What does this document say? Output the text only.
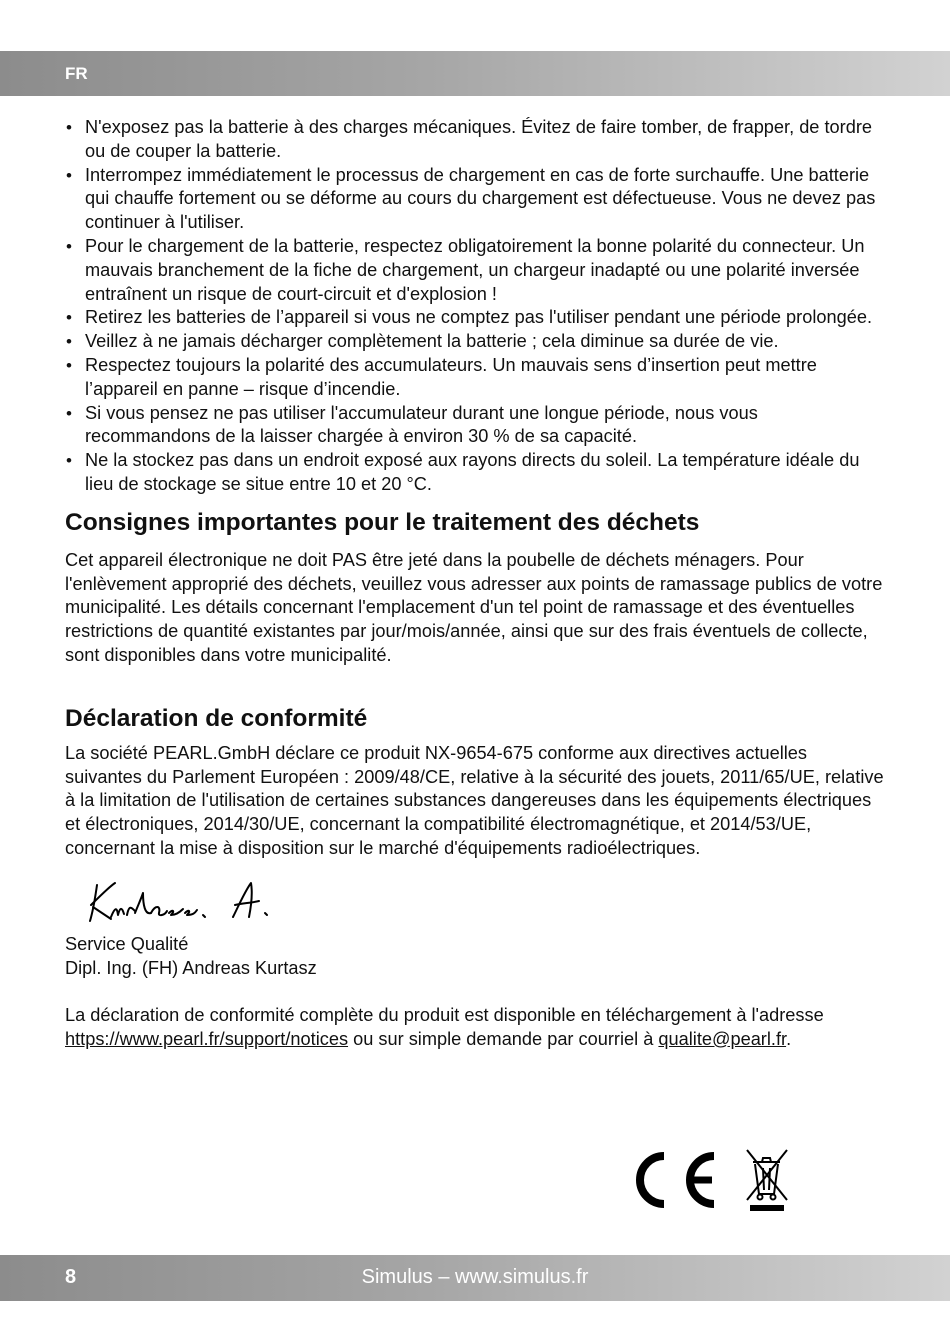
FR
• N'exposez pas la batterie à des charges mécaniques. Évitez de faire tomber, de frapper, de tordre ou de couper la batterie.
• Interrompez immédiatement le processus de chargement en cas de forte surchauffe. Une batterie qui chauffe fortement ou se déforme au cours du chargement est défectueuse. Vous ne devez pas continuer à l'utiliser.
• Pour le chargement de la batterie, respectez obligatoirement la bonne polarité du connecteur. Un mauvais branchement de la fiche de chargement, un chargeur inadapté ou une polarité inversée entraînent un risque de court-circuit et d'explosion !
• Retirez les batteries de l’appareil si vous ne comptez pas l'utiliser pendant une période prolongée.
• Veillez à ne jamais décharger complètement la batterie ; cela diminue sa durée de vie.
• Respectez toujours la polarité des accumulateurs. Un mauvais sens d’insertion peut mettre l’appareil en panne – risque d’incendie.
• Si vous pensez ne pas utiliser l'accumulateur durant une longue période, nous vous recommandons de la laisser chargée à environ 30 % de sa capacité.
• Ne la stockez pas dans un endroit exposé aux rayons directs du soleil. La température idéale du lieu de stockage se situe entre 10 et 20 °C.
Consignes importantes pour le traitement des déchets

Cet appareil électronique ne doit PAS être jeté dans la poubelle de déchets ménagers. Pour l'enlèvement approprié des déchets, veuillez vous adresser aux points de ramassage publics de votre municipalité. Les détails concernant l'emplacement d'un tel point de ramassage et des éventuelles restrictions de quantité existantes par jour/mois/année, ainsi que sur des frais éventuels de collecte, sont disponibles dans votre municipalité.

Déclaration de conformité

La société PEARL.GmbH déclare ce produit NX-9654-675 conforme aux directives actuelles suivantes du Parlement Européen : 2009/48/CE, relative à la sécurité des jouets, 2011/65/UE, relative à la limitation de l'utilisation de certaines substances dangereuses dans les équipements électriques et électroniques, 2014/30/UE, concernant la compatibilité électromagnétique, et 2014/53/UE, concernant la mise à disposition sur le marché d'équipements radioélectriques.

Service Qualité

Dipl. Ing. (FH) Andreas Kurtasz

La déclaration de conformité complète du produit est disponible en téléchargement à l'adresse https://www.pearl.fr/support/notices ou sur simple demande par courriel à qualite@pearl.fr.

8	Simulus – www.simulus.fr
